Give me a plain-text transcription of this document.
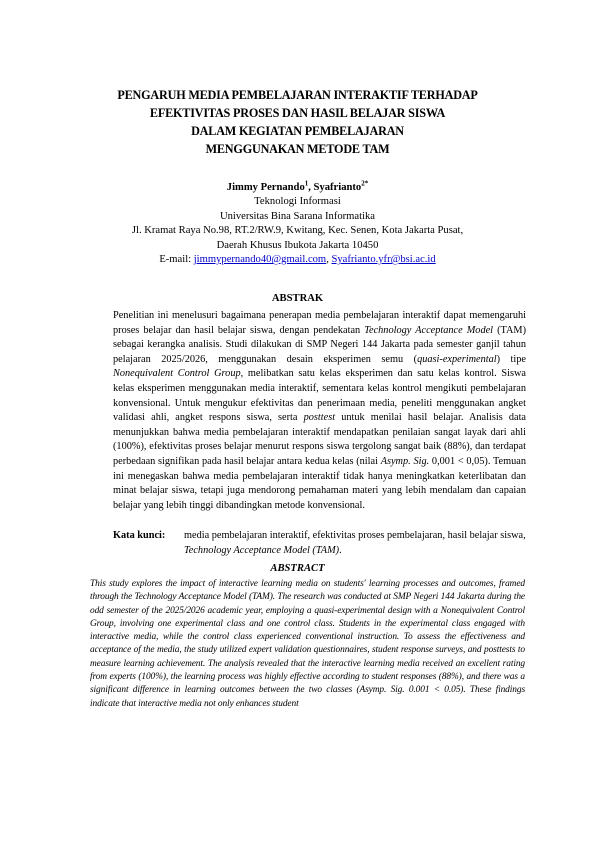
PENGARUH MEDIA PEMBELAJARAN INTERAKTIF TERHADAP
EFEKTIVITAS PROSES DAN HASIL BELAJAR SISWA
DALAM KEGIATAN PEMBELAJARAN
MENGGUNAKAN METODE TAM
Jimmy Pernando$^1$, Syafrianto$^{2*}$
Teknologi Informasi
Universitas Bina Sarana Informatika
Jl. Kramat Raya No.98, RT.2/RW.9, Kwitang, Kec. Senen, Kota Jakarta Pusat,
Daerah Khusus Ibukota Jakarta 10450
E-mail: jimmypernando40@gmail.com, Syafrianto.yfr@bsi.ac.id
ABSTRAK

Penelitian ini menelusuri bagaimana penerapan media pembelajaran interaktif dapat memengaruhi proses belajar dan hasil belajar siswa, dengan pendekatan Technology Acceptance Model (TAM) sebagai kerangka analisis. Studi dilakukan di SMP Negeri 144 Jakarta pada semester ganjil tahun pelajaran 2025/2026, menggunakan desain eksperimen semu (quasi-experimental) tipe Nonequivalent Control Group, melibatkan satu kelas eksperimen dan satu kelas kontrol. Siswa kelas eksperimen menggunakan media interaktif, sementara kelas kontrol mengikuti pembelajaran konvensional. Untuk mengukur efektivitas dan penerimaan media, peneliti menggunakan angket validasi ahli, angket respons siswa, serta posttest untuk menilai hasil belajar. Analisis data menunjukkan bahwa media pembelajaran interaktif mendapatkan penilaian sangat layak dari ahli (100%), efektivitas proses belajar menurut respons siswa tergolong sangat baik (88%), dan terdapat perbedaan signifikan pada hasil belajar antara kedua kelas (nilai Asymp. Sig. 0,001 < 0,05). Temuan ini menegaskan bahwa media pembelajaran interaktif tidak hanya meningkatkan keterlibatan dan minat belajar siswa, tetapi juga mendorong pemahaman materi yang lebih mendalam dan capaian belajar yang lebih tinggi dibandingkan metode konvensional.

Kata kunci:	media pembelajaran interaktif, efektivitas proses pembelajaran, hasil belajar siswa, Technology Acceptance Model (TAM).
ABSTRACT
This study explores the impact of interactive learning media on students' learning processes and outcomes, framed through the Technology Acceptance Model (TAM). The research was conducted at SMP Negeri 144 Jakarta during the odd semester of the 2025/2026 academic year, employing a quasi-experimental design with a Nonequivalent Control Group, involving one experimental class and one control class. Students in the experimental class engaged with interactive media, while the control class experienced conventional instruction. To assess the effectiveness and acceptance of the media, the study utilized expert validation questionnaires, student response surveys, and posttests to measure learning achievement. The analysis revealed that the interactive learning media received an excellent rating from experts (100%), the learning process was highly effective according to student responses (88%), and there was a significant difference in learning outcomes between the two classes (Asymp. Sig. 0.001 < 0.05). These findings indicate that interactive media not only enhances student
